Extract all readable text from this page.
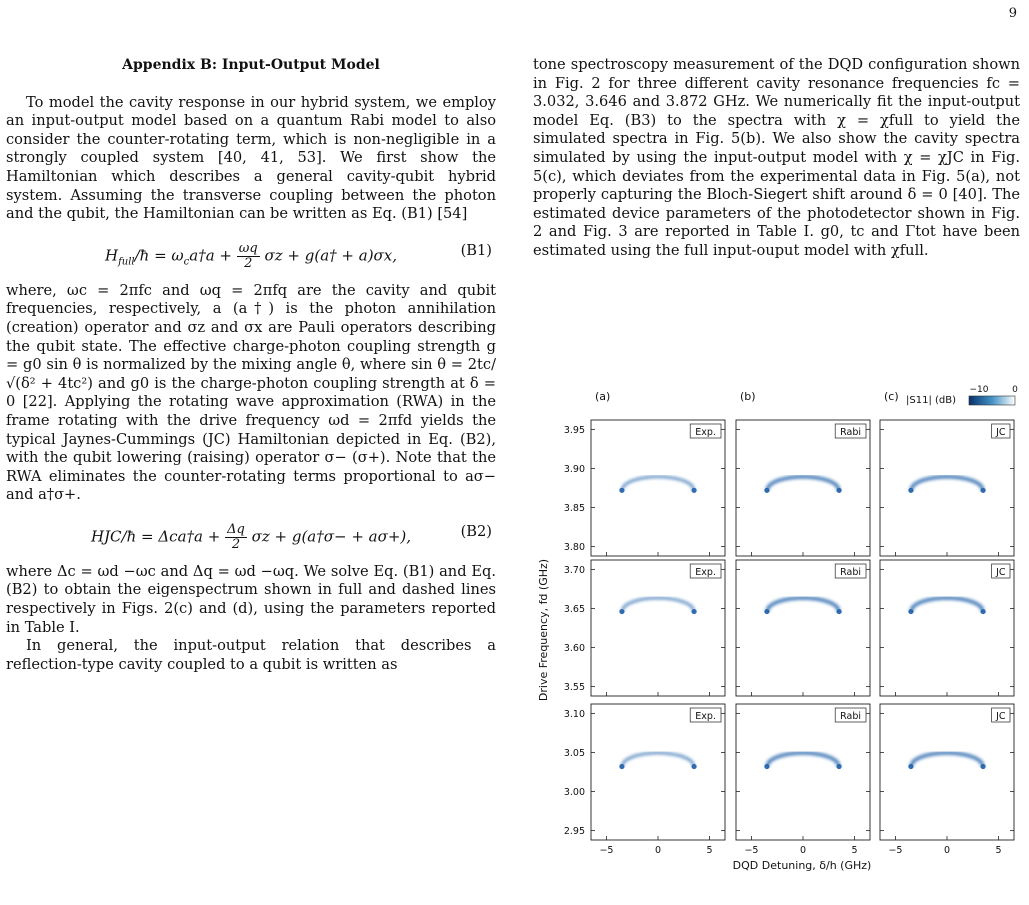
9
Appendix B: Input-Output Model

To model the cavity response in our hybrid system, we employ an input-output model based on a quantum Rabi model to also consider the counter-rotating term, which is non-negligible in a strongly coupled system [40, 41, 53]. We first show the Hamiltonian which describes a general cavity-qubit hybrid system. Assuming the transverse coupling between the photon and the qubit, the Hamiltonian can be written as Eq. (B1) [54]

$H_{full}/ħ$ = $\omega_ca\dagger a + \frac{\omega q}{2}$ σz + g(a† + a)σx,	(B1)

where, ωc = 2πfc and ωq = 2πfq are the cavity and qubit frequencies, respectively, a (a†) is the photon annihilation (creation) operator and σz and σx are Pauli operators describing the qubit state. The effective charge-photon coupling strength g = g0 sin θ is normalized by the mixing angle θ, where sin θ = 2tc/√(δ² + 4tc²) and g0 is the charge-photon coupling strength at δ = 0 [22]. Applying the rotating wave approximation (RWA) in the frame rotating with the drive frequency ωd = 2πfd yields the typical Jaynes-Cummings (JC) Hamiltonian depicted in Eq. (B2), with the qubit lowering (raising) operator σ− (σ+). Note that the RWA eliminates the counter-rotating terms proportional to aσ− and a†σ+.

HJC/ħ = Δca†a + $\frac{\Delta q}{2}$ σz + g(a†σ− + aσ+),	(B2)

where Δc = ωd −ωc and Δq = ωd −ωq. We solve Eq. (B1) and Eq. (B2) to obtain the eigenspectrum shown in full and dashed lines respectively in Figs. 2(c) and (d), using the parameters reported in Table I.

In general, the input-output relation that describes a reflection-type cavity coupled to a qubit is written as

tone spectroscopy measurement of the DQD configuration shown in Fig. 2 for three different cavity resonance frequencies fc = 3.032, 3.646 and 3.872 GHz. We numerically fit the input-output model Eq. (B3) to the spectra with χ = χfull to yield the simulated spectra in Fig. 5(b). We also show the cavity spectra simulated by using the input-output model with χ = χJC in Fig. 5(c), which deviates from the experimental data in Fig. 5(a), not properly capturing the Bloch-Siegert shift around δ = 0 [40]. The estimated device parameters of the photodetector shown in Fig. 2 and Fig. 3 are reported in Table I. g0, tc and Γtot have been estimated using the full input-ouput model with χfull.

(a)	(b)	(c) |S11| (dB)
−10	0
Exp.	Rabi	JC
3.95
3.90
3.85
3.80
Exp.	Rabi	JC
3.70
3.65
3.60
3.55
Exp.	Rabi	JC
3.10
3.05
3.00
2.95
−5	0	5	−5	0	5	−5	0	5
DQD Detuning, δ/h (GHz)
Drive Frequency, fd (GHz)
